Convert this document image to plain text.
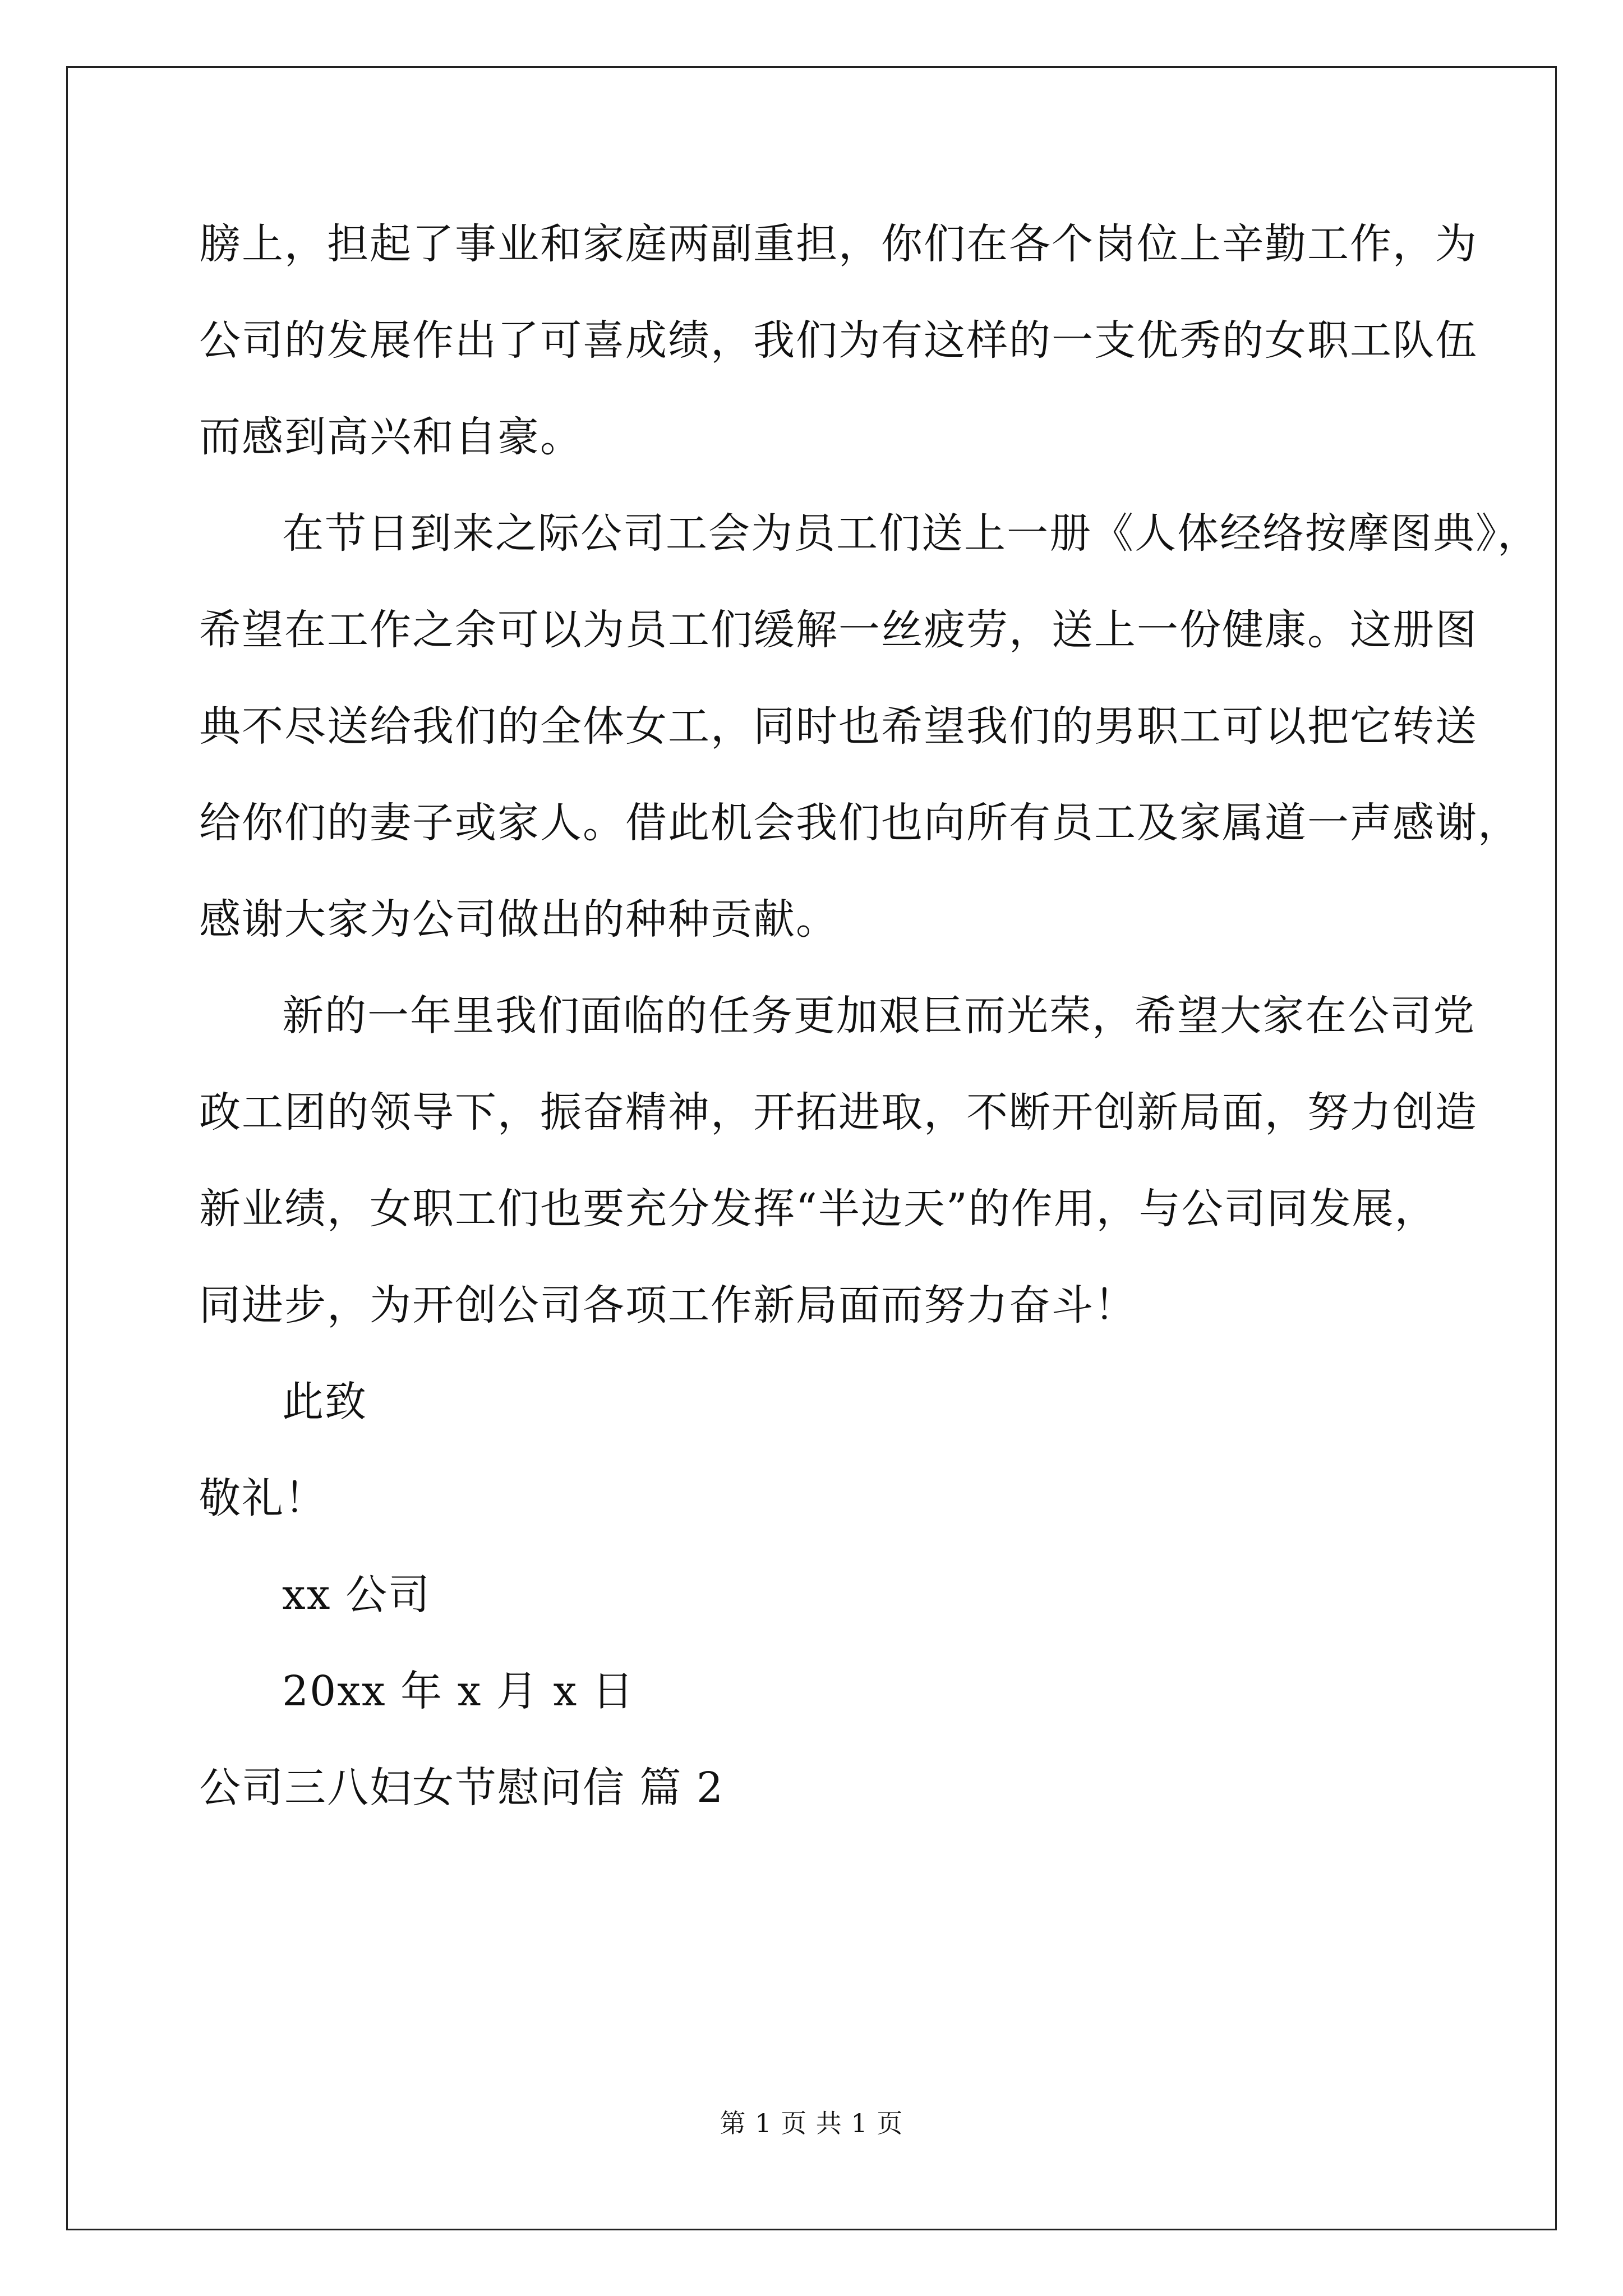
膀上，担起了事业和家庭两副重担，你们在各个岗位上辛勤工作，为
公司的发展作出了可喜成绩，我们为有这样的一支优秀的女职工队伍
而感到高兴和自豪。
在节日到来之际公司工会为员工们送上一册《人体经络按摩图典》，
希望在工作之余可以为员工们缓解一丝疲劳，送上一份健康。这册图
典不尽送给我们的全体女工，同时也希望我们的男职工可以把它转送
给你们的妻子或家人。借此机会我们也向所有员工及家属道一声感谢，
感谢大家为公司做出的种种贡献。
新的一年里我们面临的任务更加艰巨而光荣，希望大家在公司党
政工团的领导下，振奋精神，开拓进取，不断开创新局面，努力创造
新业绩，女职工们也要充分发挥“半边天”的作用，与公司同发展，
同进步，为开创公司各项工作新局面而努力奋斗！
此致
敬礼！
xx 公司
20xx 年 x 月 x 日
公司三八妇女节慰问信 篇 2
第 1 页 共 1 页
